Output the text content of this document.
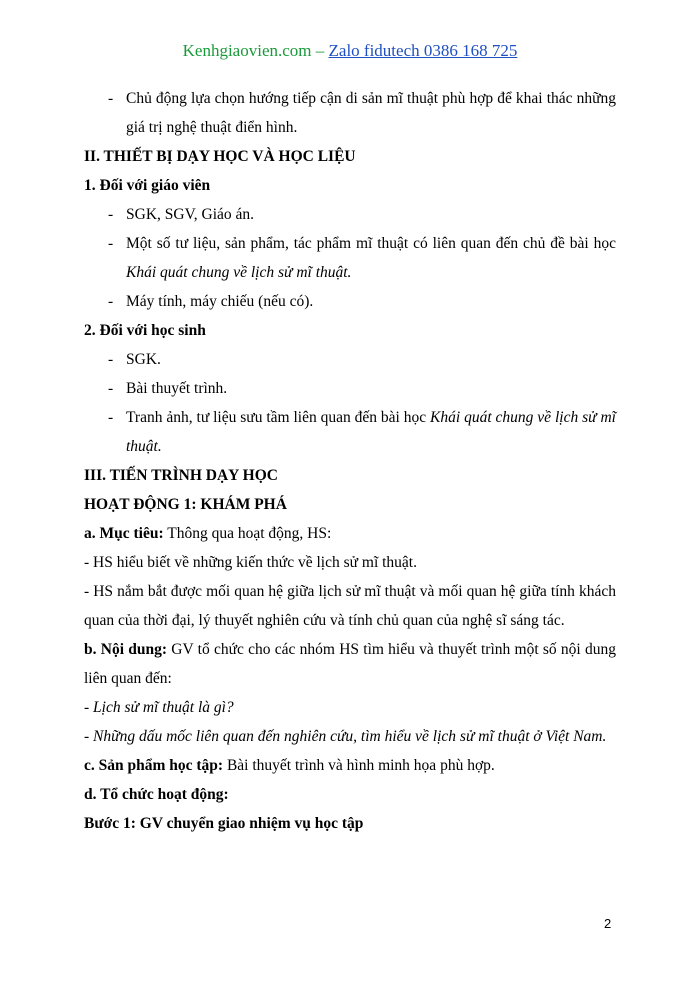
Kenhgiaovien.com – Zalo fidutech 0386 168 725

- Chủ động lựa chọn hướng tiếp cận di sản mĩ thuật phù hợp để khai thác những giá trị nghệ thuật điển hình.

II. THIẾT BỊ DẠY HỌC VÀ HỌC LIỆU

1. Đối với giáo viên

- SGK, SGV, Giáo án.

- Một số tư liệu, sản phẩm, tác phẩm mĩ thuật có liên quan đến chủ đề bài học Khái quát chung về lịch sử mĩ thuật.

- Máy tính, máy chiếu (nếu có).

2. Đối với học sinh

- SGK.

- Bài thuyết trình.

- Tranh ảnh, tư liệu sưu tầm liên quan đến bài học Khái quát chung về lịch sử mĩ thuật.

III. TIẾN TRÌNH DẠY HỌC

HOẠT ĐỘNG 1: KHÁM PHÁ

a. Mục tiêu: Thông qua hoạt động, HS:

- HS hiểu biết về những kiến thức về lịch sử mĩ thuật.

- HS nắm bắt được mối quan hệ giữa lịch sử mĩ thuật và mối quan hệ giữa tính khách quan của thời đại, lý thuyết nghiên cứu và tính chủ quan của nghệ sĩ sáng tác.

b. Nội dung: GV tổ chức cho các nhóm HS tìm hiểu và thuyết trình một số nội dung liên quan đến:

- Lịch sử mĩ thuật là gì?

- Những dấu mốc liên quan đến nghiên cứu, tìm hiểu về lịch sử mĩ thuật ở Việt Nam.

c. Sản phẩm học tập: Bài thuyết trình và hình minh họa phù hợp.

d. Tổ chức hoạt động:

Bước 1: GV chuyển giao nhiệm vụ học tập

2
